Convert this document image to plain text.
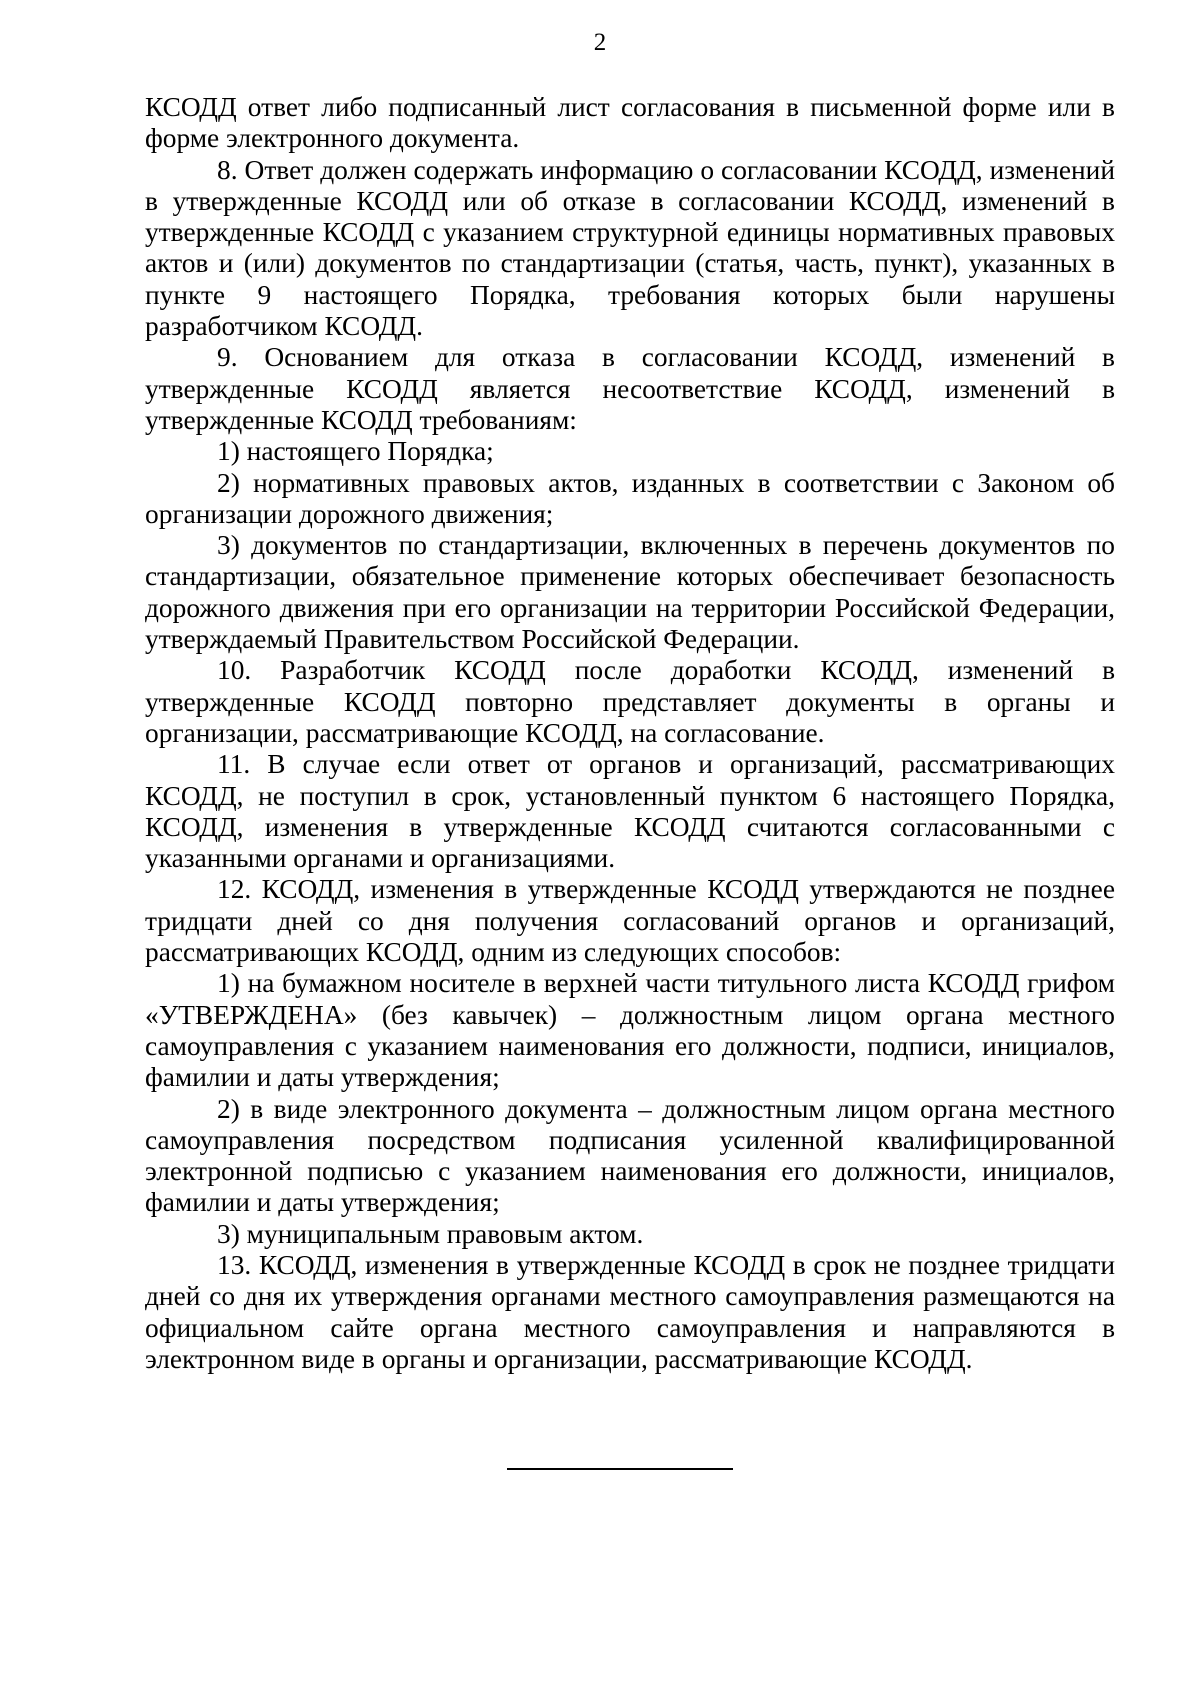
2

КСОДД ответ либо подписанный лист согласования в письменной форме или в форме электронного документа.

8. Ответ должен содержать информацию о согласовании КСОДД, изменений в утвержденные КСОДД или об отказе в согласовании КСОДД, изменений в утвержденные КСОДД с указанием структурной единицы нормативных правовых актов и (или) документов по стандартизации (статья, часть, пункт), указанных в пункте 9 настоящего Порядка, требования которых были нарушены разработчиком КСОДД.

9. Основанием для отказа в согласовании КСОДД, изменений в утвержденные КСОДД является несоответствие КСОДД, изменений в утвержденные КСОДД требованиям:

1) настоящего Порядка;

2) нормативных правовых актов, изданных в соответствии с Законом об организации дорожного движения;

3) документов по стандартизации, включенных в перечень документов по стандартизации, обязательное применение которых обеспечивает безопасность дорожного движения при его организации на территории Российской Федерации, утверждаемый Правительством Российской Федерации.

10. Разработчик КСОДД после доработки КСОДД, изменений в утвержденные КСОДД повторно представляет документы в органы и организации, рассматривающие КСОДД, на согласование.

11. В случае если ответ от органов и организаций, рассматривающих КСОДД, не поступил в срок, установленный пунктом 6 настоящего Порядка, КСОДД, изменения в утвержденные КСОДД считаются согласованными с указанными органами и организациями.

12. КСОДД, изменения в утвержденные КСОДД утверждаются не позднее тридцати дней со дня получения согласований органов и организаций, рассматривающих КСОДД, одним из следующих способов:

1) на бумажном носителе в верхней части титульного листа КСОДД грифом «УТВЕРЖДЕНА» (без кавычек) – должностным лицом органа местного самоуправления с указанием наименования его должности, подписи, инициалов, фамилии и даты утверждения;

2) в виде электронного документа – должностным лицом органа местного самоуправления посредством подписания усиленной квалифицированной электронной подписью с указанием наименования его должности, инициалов, фамилии и даты утверждения;

3) муниципальным правовым актом.

13. КСОДД, изменения в утвержденные КСОДД в срок не позднее тридцати дней со дня их утверждения органами местного самоуправления размещаются на официальном сайте органа местного самоуправления и направляются в электронном виде в органы и организации, рассматривающие КСОДД.
